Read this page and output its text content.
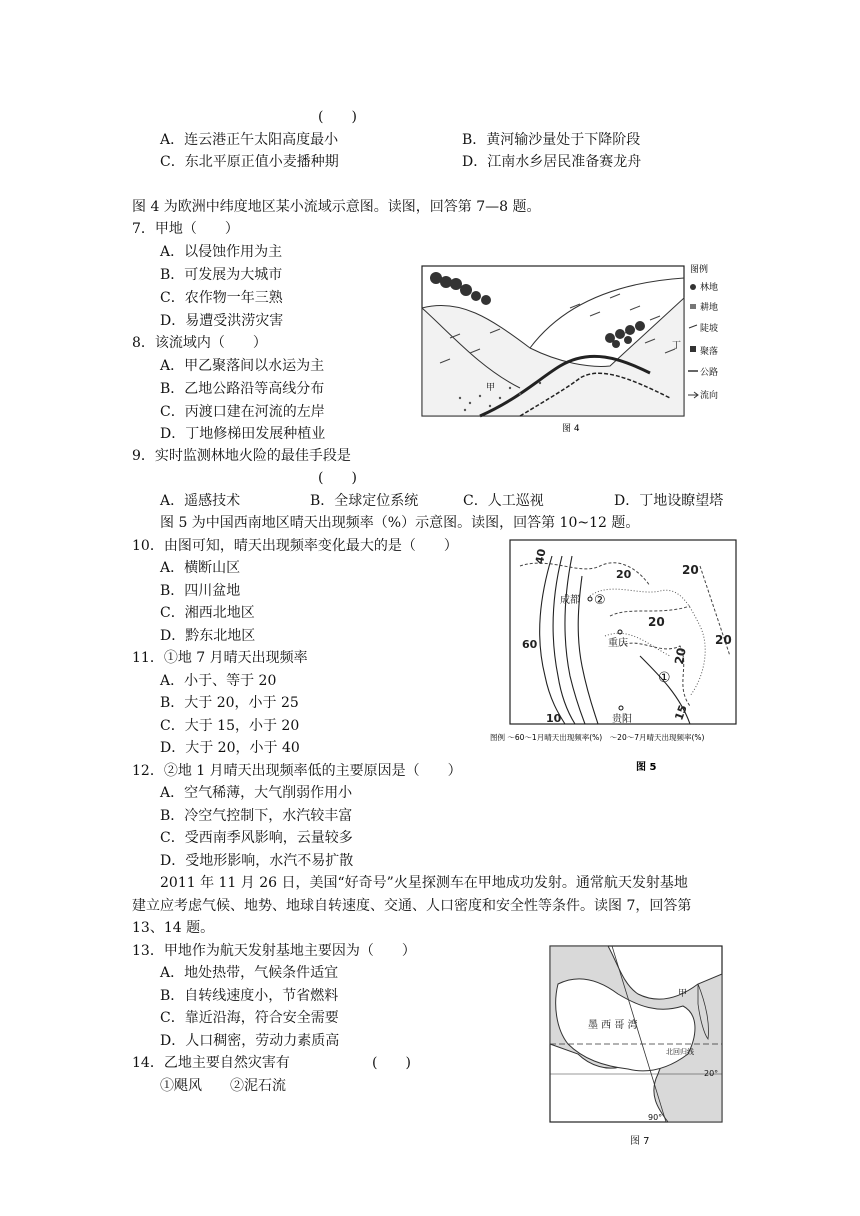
(　　)
A．连云港正午太阳高度最小	B．黄河输沙量处于下降阶段
C．东北平原正值小麦播种期	D．江南水乡居民准备赛龙舟
图 4 为欧洲中纬度地区某小流域示意图。读图，回答第 7—8 题。
7．甲地（　　）
A．以侵蚀作用为主
B．可发展为大城市
C．农作物一年三熟
D．易遭受洪涝灾害
8．该流域内（　　）
A．甲乙聚落间以水运为主
B．乙地公路沿等高线分布
C．丙渡口建在河流的左岸
D．丁地修梯田发展种植业
甲
丁
图例
林地
耕地
陡坡
聚落
公路
流向
图 4
9．实时监测林地火险的最佳手段是
(　　)
A．遥感技术	B．全球定位系统	C．人工巡视	D．丁地设瞭望塔
图 5 为中国西南地区晴天出现频率（%）示意图。读图，回答第 10~12 题。
10．由图可知，晴天出现频率变化最大的是（　　）
A．横断山区
B．四川盆地
C．湘西北地区
D．黔东北地区
11．①地 7 月晴天出现频率
A．小于、等于 20
B．大于 20，小于 25
C．大于 15，小于 20
D．大于 20，小于 40
40
20	20
20
20
20
60
10	15
成都 ②
重庆
①
贵阳
图例 ～60～1月晴天出现频率(%)　～20～7月晴天出现频率(%)
图 5
12．②地 1 月晴天出现频率低的主要原因是（　　）
A．空气稀薄，大气削弱作用小
B．冷空气控制下，水汽较丰富
C．受西南季风影响，云量较多
D．受地形影响，水汽不易扩散
2011 年 11 月 26 日，美国“好奇号”火星探测车在甲地成功发射。通常航天发射基地
建立应考虑气候、地势、地球自转速度、交通、人口密度和安全性等条件。读图 7，回答第
13、14 题。
13．甲地作为航天发射基地主要因为（　　）
A．地处热带，气候条件适宜
B．自转线速度小，节省燃料
C．靠近沿海，符合安全需要
D．人口稠密，劳动力素质高
14．乙地主要自然灾害有	(　　)
①飓风　　②泥石流
墨 西 哥 湾
北回归线
甲
20°
90°
图 7
